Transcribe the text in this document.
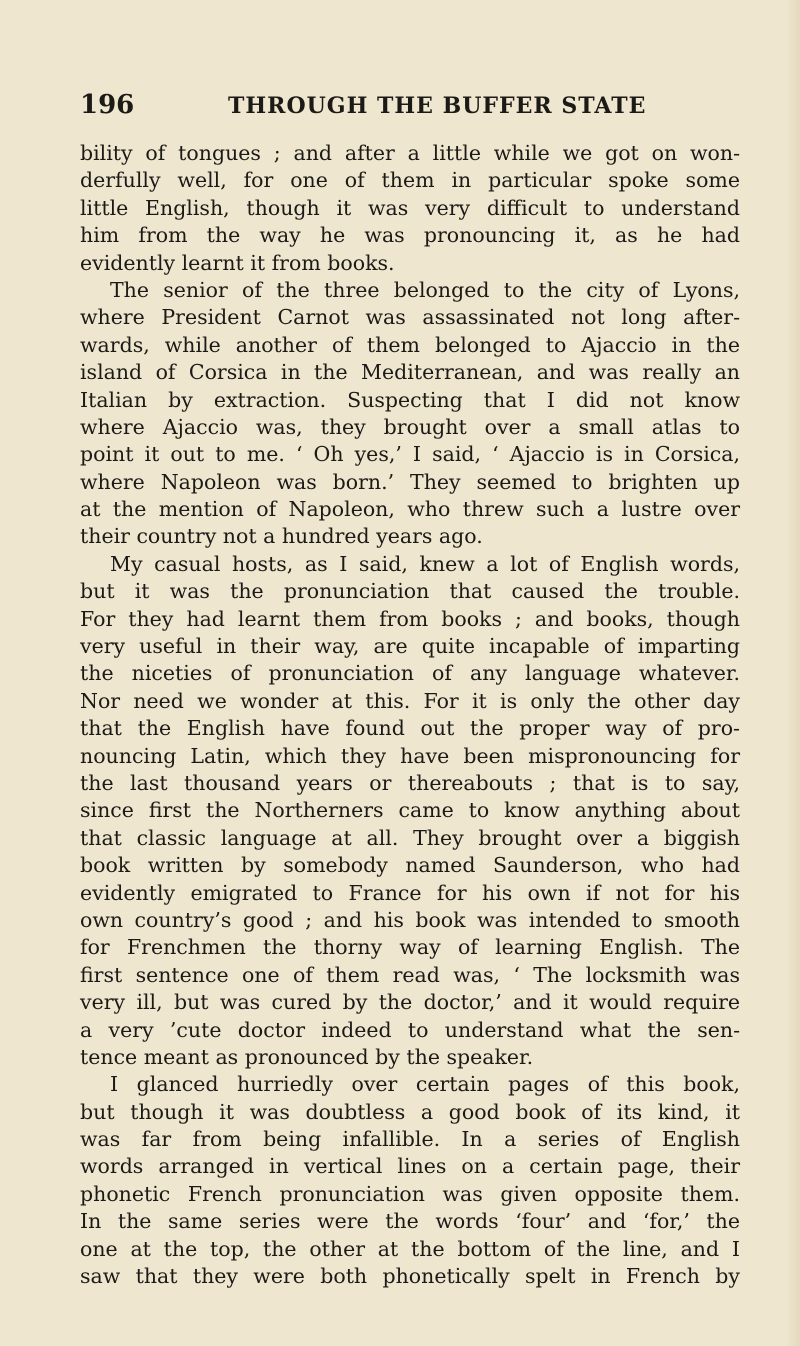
196	THROUGH THE BUFFER STATE
bility of tongues ; and after a little while we got on won-
derfully well, for one of them in particular spoke some
little English, though it was very difficult to understand
him from the way he was pronouncing it, as he had
evidently learnt it from books.
The senior of the three belonged to the city of Lyons,
where President Carnot was assassinated not long after-
wards, while another of them belonged to Ajaccio in the
island of Corsica in the Mediterranean, and was really an
Italian by extraction. Suspecting that I did not know
where Ajaccio was, they brought over a small atlas to
point it out to me. ‘ Oh yes,’ I said, ‘ Ajaccio is in Corsica,
where Napoleon was born.’ They seemed to brighten up
at the mention of Napoleon, who threw such a lustre over
their country not a hundred years ago.
My casual hosts, as I said, knew a lot of English words,
but it was the pronunciation that caused the trouble.
For they had learnt them from books ; and books, though
very useful in their way, are quite incapable of imparting
the niceties of pronunciation of any language whatever.
Nor need we wonder at this. For it is only the other day
that the English have found out the proper way of pro-
nouncing Latin, which they have been mispronouncing for
the last thousand years or thereabouts ; that is to say,
since first the Northerners came to know anything about
that classic language at all. They brought over a biggish
book written by somebody named Saunderson, who had
evidently emigrated to France for his own if not for his
own country’s good ; and his book was intended to smooth
for Frenchmen the thorny way of learning English. The
first sentence one of them read was, ‘ The locksmith was
very ill, but was cured by the doctor,’ and it would require
a very ’cute doctor indeed to understand what the sen-
tence meant as pronounced by the speaker.
I glanced hurriedly over certain pages of this book,
but though it was doubtless a good book of its kind, it
was far from being infallible. In a series of English
words arranged in vertical lines on a certain page, their
phonetic French pronunciation was given opposite them.
In the same series were the words ‘four’ and ‘for,’ the
one at the top, the other at the bottom of the line, and I
saw that they were both phonetically spelt in French by
